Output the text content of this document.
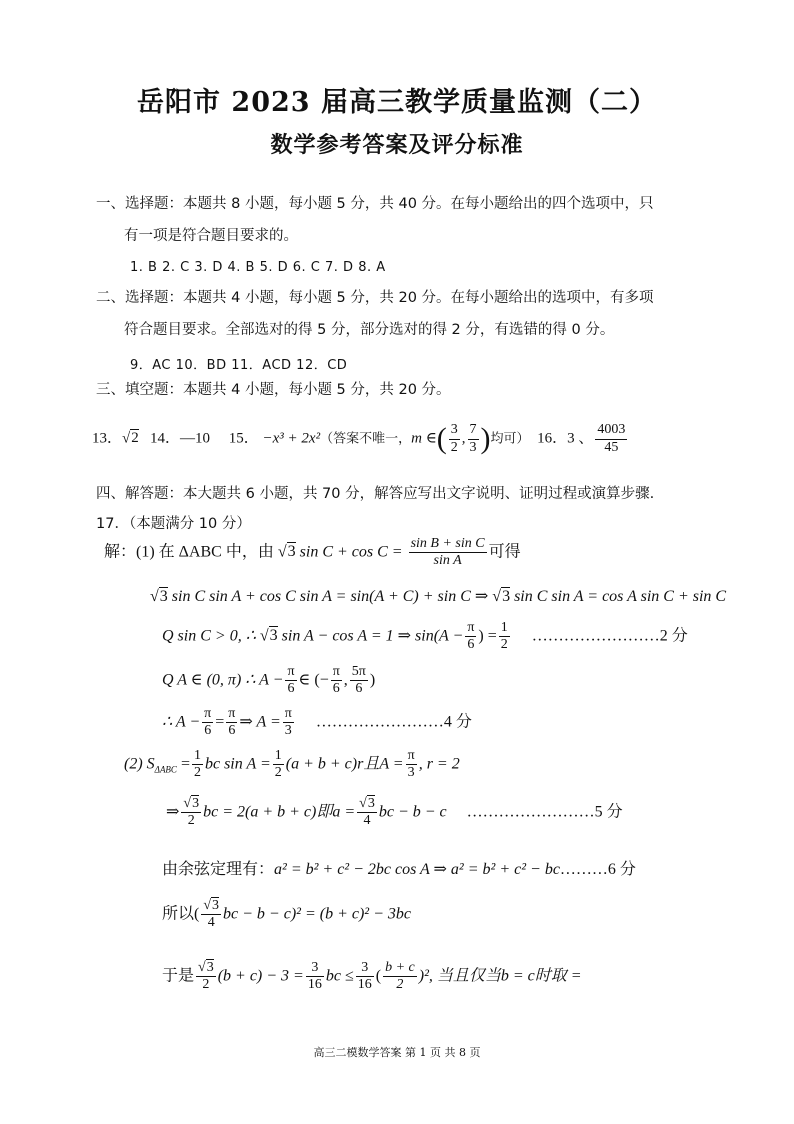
岳阳市 2023 届高三教学质量监测（二）
数学参考答案及评分标准
一、选择题：本题共 8 小题，每小题 5 分，共 40 分。在每小题给出的四个选项中，只
有一项是符合题目要求的。
1. B 2. C 3. D 4. B 5. D 6. C 7. D 8. A
二、选择题：本题共 4 小题，每小题 5 分，共 20 分。在每小题给出的选项中，有多项
符合题目要求。全部选对的得 5 分，部分选对的得 2 分，有选错的得 0 分。
9．AC 10．BD 11．ACD 12．CD
三、填空题：本题共 4 小题，每小题 5 分，共 20 分。
13．√2 14．—10 15． −x³ + 2x²（答案不唯一，m ∈( $\frac{3}{2}$ , $\frac{7}{3}$ )均可） 16．3 、 $\frac{4003}{45}$
四、解答题：本大题共 6 小题，共 70 分，解答应写出文字说明、证明过程或演算步骤.
17．（本题满分 10 分）
解：(1) 在 ΔABC 中，由 √3 $\sin C + \cos C = \frac{\text{sin B + sin C}}{\text{sin A}}$ 可得
√3 sin C sin A + cos C sin A = sin(A + C) + sin C ⇒ √3 sin C sin A = cos A sin C + sin C
Q sin C > 0, ∴ √3 sin A − cos A = 1 ⇒ $\sin(A - \frac{\pi}{6}$ ) = $\frac{1}{2}$ ……………………2 分
Q A ∈ (0, π) ∴ $A - \frac{\pi}{6}$ ∈ (− $\frac{\pi}{6}$ , $\frac{5\pi}{6}$ )
∴ $A - \frac{\pi}{6} = \frac{\pi}{6}$ ⇒ $A = \frac{\pi}{3}$ ……………………4 分
(2) $S_{\Delta ABC} = \frac{1}{2}$ bc $\sin A = \frac{1}{2} (a + b + c)r$且$A = \frac{\pi}{3}$ , r = 2
⇒ $\frac{√3}{2}$ bc = 2(a + b + c)即$a = \frac{√3}{4}$ bc − b − c ……………………5 分
由余弦定理有：a² = b² + c² − 2bc cos A ⇒ a² = b² + c² − bc………6 分
所以( $\frac{√3}{4}$ bc − b − c)² = (b + c)² − 3bc
于是 $\frac{√3}{2} (b + c) - 3 = \frac{3}{16}$ bc ≤ $\frac{3}{16}$ ( $\frac{b + c}{2} )^2$, 当且仅当b = c时取 =
高三二模数学答案 第 1 页 共 8 页
